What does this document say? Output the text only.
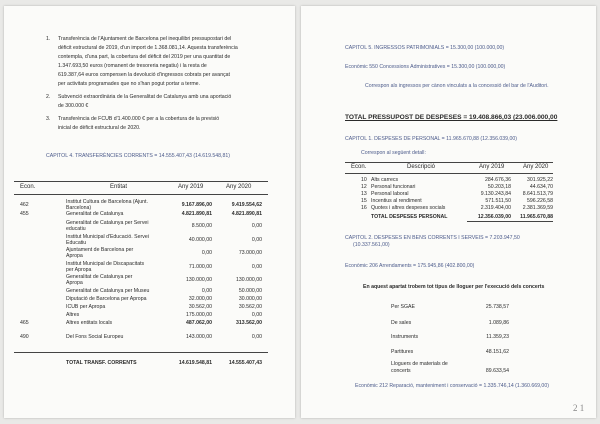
1. Transferència de l'Ajuntament de Barcelona pel inequilibri pressupostari del
dèficit estructural de 2019, d'un import de 1.368.081,14. Aquesta transferència
contempla, d'una part, la cobertura del dèficit del 2019 per una quantitat de
1.347.693,50 euros (romanent de tresoreria negatiu) i la resta de
619.387,64 euros compensen la devolució d'ingressos cobrats per avançat
per activitats programades que no s'han pogut portar a terme.
2. Subvenció extraordinària de la Generalitat de Catalunya amb una aportació
de 300.000 €
3. Transferència de FCUB d'1.400.000 € per a la cobertura de la previsió
inicial de dèficit estructural de 2020.
CAPITOL 4. TRANSFERÈNCIES CORRENTS = 14.555.407,43 (14.619.548,81)
Econ.	Entitat	Any 2019	Any 2020
462	Institut Cultura de Barcelona (Ajunt.
Barcelona)	9.167.896,00	9.419.554,62
455	Generalitat de Catalunya	4.821.890,81	4.821.890,81
Generalitat de Catalunya per Servei
educatiu	8.500,00	0,00
Institut Municipal d'Educació. Servei
Educatiu	40.000,00	0,00
Ajuntament de Barcelona per
Apropa	0,00	73.000,00
Institut Municipal de Discapacitats
per Apropa	71.000,00	0,00
Generalitat de Catalunya per
Apropa	130.000,00	130.000,00
Generalitat de Catalunya per Museu	0,00	50.000,00
Diputació de Barcelona per Apropa	32.000,00	30.000,00
ICUB per Apropa	30.562,00	30.562,00
Altres	175.000,00	0,00
465	Altres entitats locals	487.062,00	313.562,00
490	Del Fons Social Europeu	143.000,00	0,00
TOTAL TRANSF. CORRENTS	14.619.548,81	14.555.407,43
CAPITOL 5. INGRESSOS PATRIMONIALS = 15.300,00 (100.000,00)
Econòmic 550 Concessions Administratives = 15.300,00 (100.000,00)
Correspon als ingressos per cànon vinculats a la concessió del bar de l'Auditori.
TOTAL PRESSUPOST DE DESPESES = 19.408.866,03 (23.006.000,00
CAPITOL 1. DESPESES DE PERSONAL = 11.965.670,88 (12.356.039,00)
Correspon al següent detall:
Econ.	Descripció	Any 2019	Any 2020
10 Alts carrecs	284.676,36	301.925,22
12 Personal funcionari	50.203,18	44.634,70
13 Personal laboral	9.130.243,84	8.641.513,79
15 Incentius al rendiment	571.511,50	596.226,58
16 Quotes i altres despeses socials	2.319.404,00	2.381.369,59
TOTAL DESPESES PERSONAL	12.356.039,00	11.965.670,88
CAPITOL 2. DESPESES EN BENS CORRENTS I SERVEIS = 7.203.947,50
(10.337.561,00)
Econòmic 206 Arrendaments = 175.945,86 (402.800,00)
En aquest apartat trobem tot tipus de lloguer per l'execució dels concerts
Per SGAE	25.738,57
De sales	1.089,86
Instruments	11.359,23
Partitures	48.151,62
Lloguers de materials de
concerts	89.633,54
Econòmic 212 Reparació, manteniment i conservació = 1.335.746,14 (1.360.669,00)
2 1
